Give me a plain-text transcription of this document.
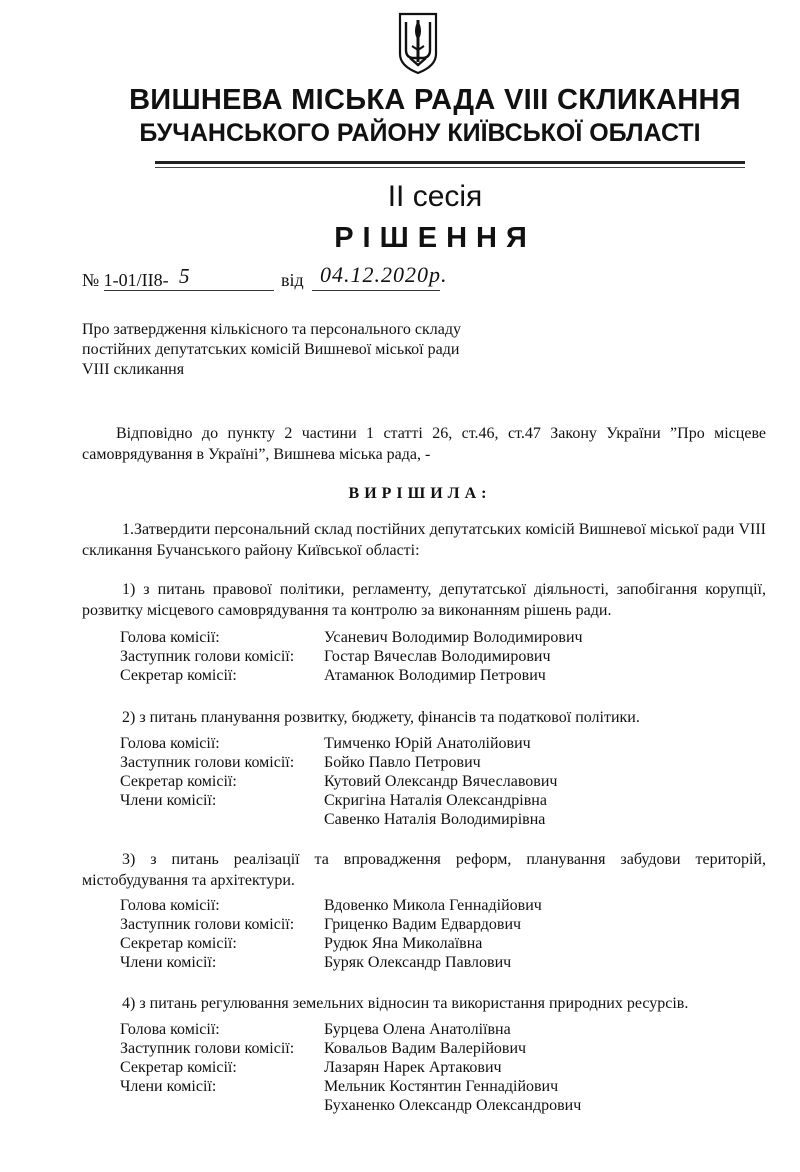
ВИШНЕВА МІСЬКА РАДА VIII СКЛИКАННЯ
БУЧАНСЬКОГО РАЙОНУ КИЇВСЬКОЇ ОБЛАСТІ
ІІ сесія
РІШЕННЯ
№ 1-01/ІІ8- 5	від 04.12.2020р.
Про затвердження кількісного та персонального складу постійних депутатських комісій Вишневої міської ради VIII скликання
Відповідно до пункту 2 частини 1 статті 26, ст.46, ст.47 Закону України ”Про місцеве самоврядування в Україні”, Вишнева міська рада, -
ВИРІШИЛА:
1.Затвердити персональний склад постійних депутатських комісій Вишневої міської ради VIII скликання Бучанського району Київської області:
1) з питань правової політики, регламенту, депутатської діяльності, запобігання корупції, розвитку місцевого самоврядування та контролю за виконанням рішень ради.
Голова комісії:	Усаневич Володимир Володимирович
Заступник голови комісії: Гостар Вячеслав Володимирович
Секретар комісії:	Атаманюк Володимир Петрович
2) з питань планування розвитку, бюджету, фінансів та податкової політики.
Голова комісії:	Тимченко Юрій Анатолійович
Заступник голови комісії: Бойко Павло Петрович
Секретар комісії:	Кутовий Олександр Вячеславович
Члени комісії:	Скригіна Наталія Олександрівна
Савенко Наталія Володимирівна
3) з питань реалізації та впровадження реформ, планування забудови територій, містобудування та архітектури.
Голова комісії:	Вдовенко Микола Геннадійович
Заступник голови комісії: Гриценко Вадим Едвардович
Секретар комісії:	Рудюк Яна Миколаївна
Члени комісії:	Буряк Олександр Павлович
4) з питань регулювання земельних відносин та використання природних ресурсів.
Голова комісії:	Бурцева Олена Анатоліївна
Заступник голови комісії: Ковальов Вадим Валерійович
Секретар комісії:	Лазарян Нарек Артакович
Члени комісії:	Мельник Костянтин Геннадійович
Буханенко Олександр Олександрович
